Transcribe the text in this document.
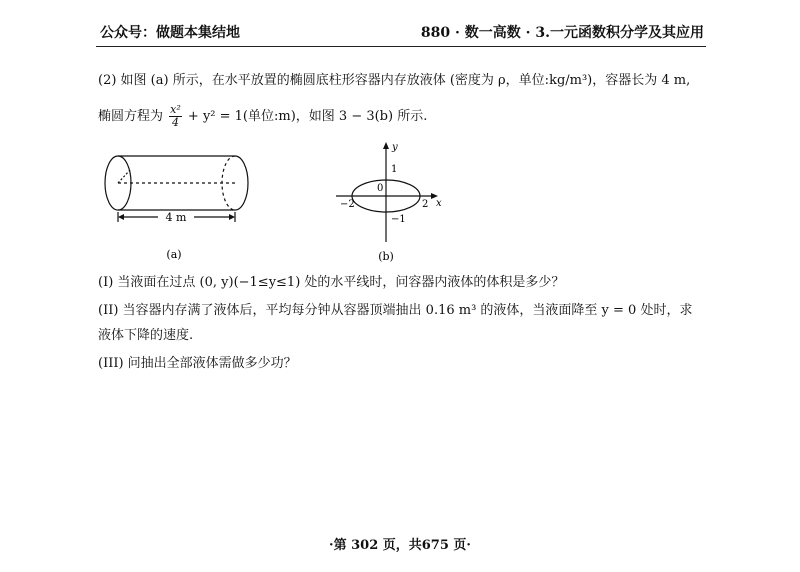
公众号：做题本集结地	880 · 数一高数 · 3.一元函数积分学及其应用
(2) 如图 (a) 所示，在水平放置的椭圆底柱形容器内存放液体 (密度为 ρ，单位:kg/m³)，容器长为 4 m,
椭圆方程为 $\frac{\text{x²}}{4} + y^2 = 1$(单位:m)，如图 3 − 3(b) 所示.
4 m
(a)
y
x
0
1
−1
−2	2
(b)
(I) 当液面在过点 (0, y)(−1≤y≤1) 处的水平线时，问容器内液体的体积是多少？
(II) 当容器内存满了液体后，平均每分钟从容器顶端抽出 0.16 m³ 的液体，当液面降至 y = 0 处时，求
液体下降的速度.
(III) 问抽出全部液体需做多少功？
·第 302 页，共675 页·
